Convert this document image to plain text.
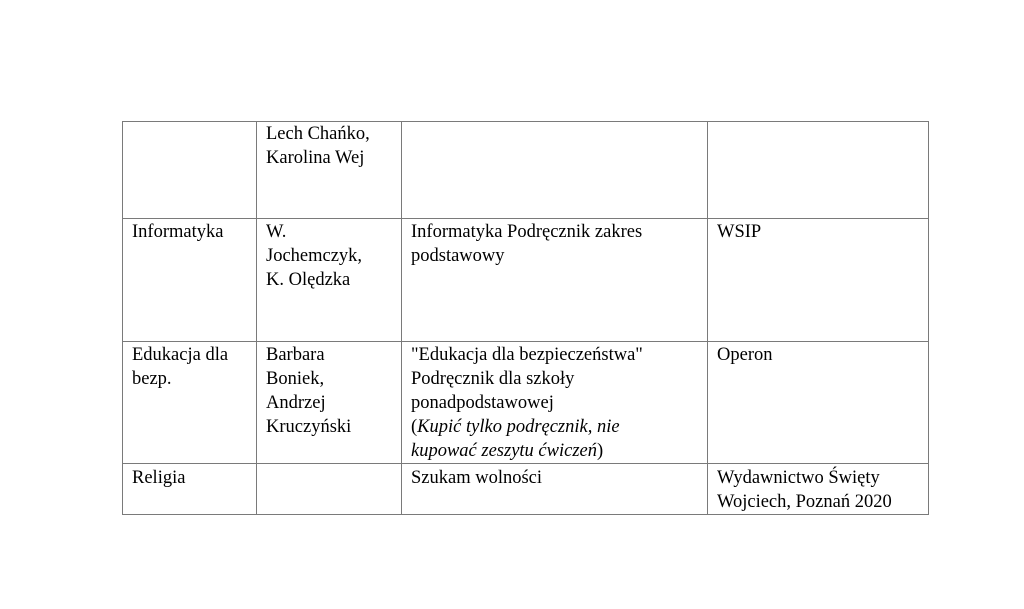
	Lech Chańko,
Karolina Wej		

Informatyka	W.
Jochemczyk,
K. Olędzka	Informatyka Podręcznik zakres
podstawowy	WSIP

Edukacja dla
bezp.	Barbara
Boniek,
Andrzej
Kruczyński	"Edukacja dla bezpieczeństwa"
Podręcznik dla szkoły
ponadpodstawowej
(Kupić tylko podręcznik, nie
kupować zeszytu ćwiczeń)	Operon

Religia		Szukam wolności	Wydawnictwo Święty
Wojciech, Poznań 2020
